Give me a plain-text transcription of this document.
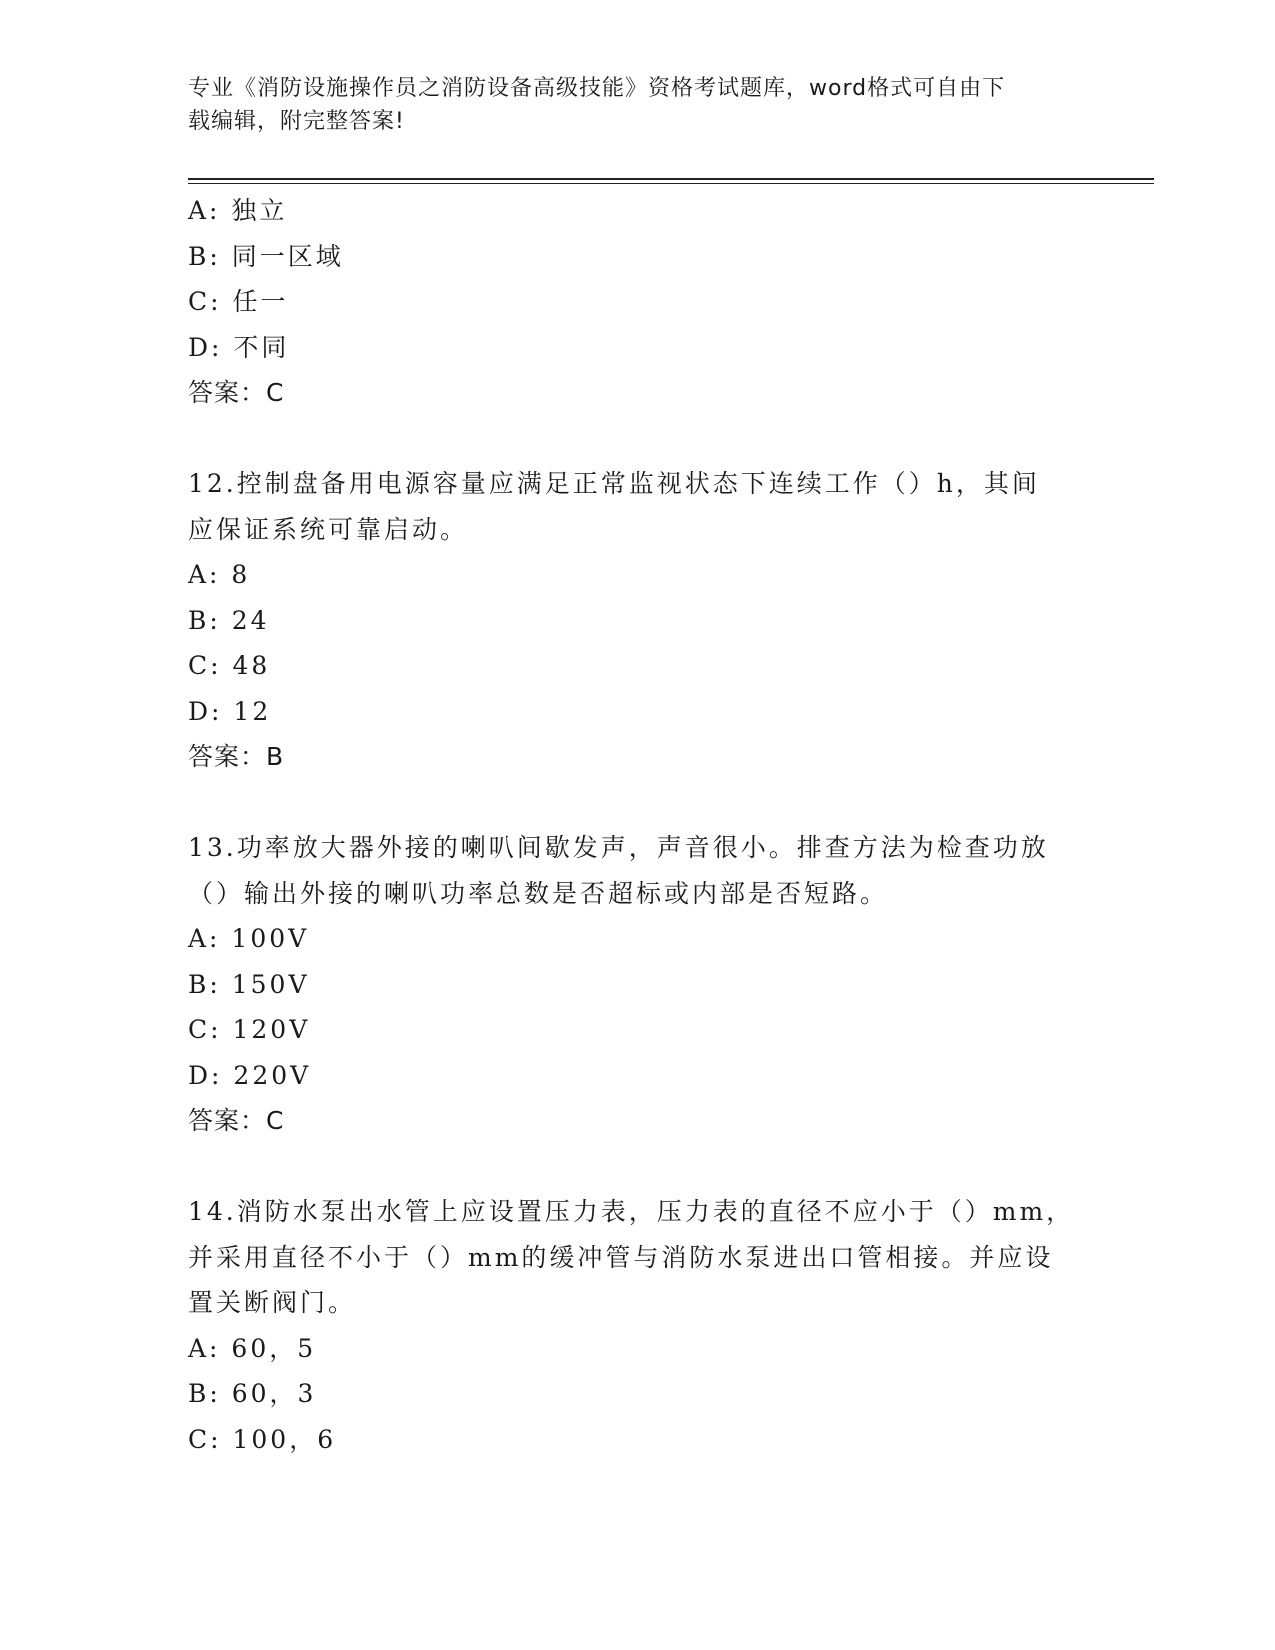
专业《消防设施操作员之消防设备高级技能》资格考试题库，word格式可自由下
载编辑，附完整答案!
A: 独立
B: 同一区域
C: 任一
D: 不同
答案：C
12.控制盘备用电源容量应满足正常监视状态下连续工作（）h，其间
应保证系统可靠启动。
A: 8
B: 24
C: 48
D: 12
答案：B
13.功率放大器外接的喇叭间歇发声，声音很小。排查方法为检查功放
（）输出外接的喇叭功率总数是否超标或内部是否短路。
A: 100V
B: 150V
C: 120V
D: 220V
答案：C
14.消防水泵出水管上应设置压力表，压力表的直径不应小于（）mm，
并采用直径不小于（）mm的缓冲管与消防水泵进出口管相接。并应设
置关断阀门。
A: 60，5
B: 60，3
C: 100，6
